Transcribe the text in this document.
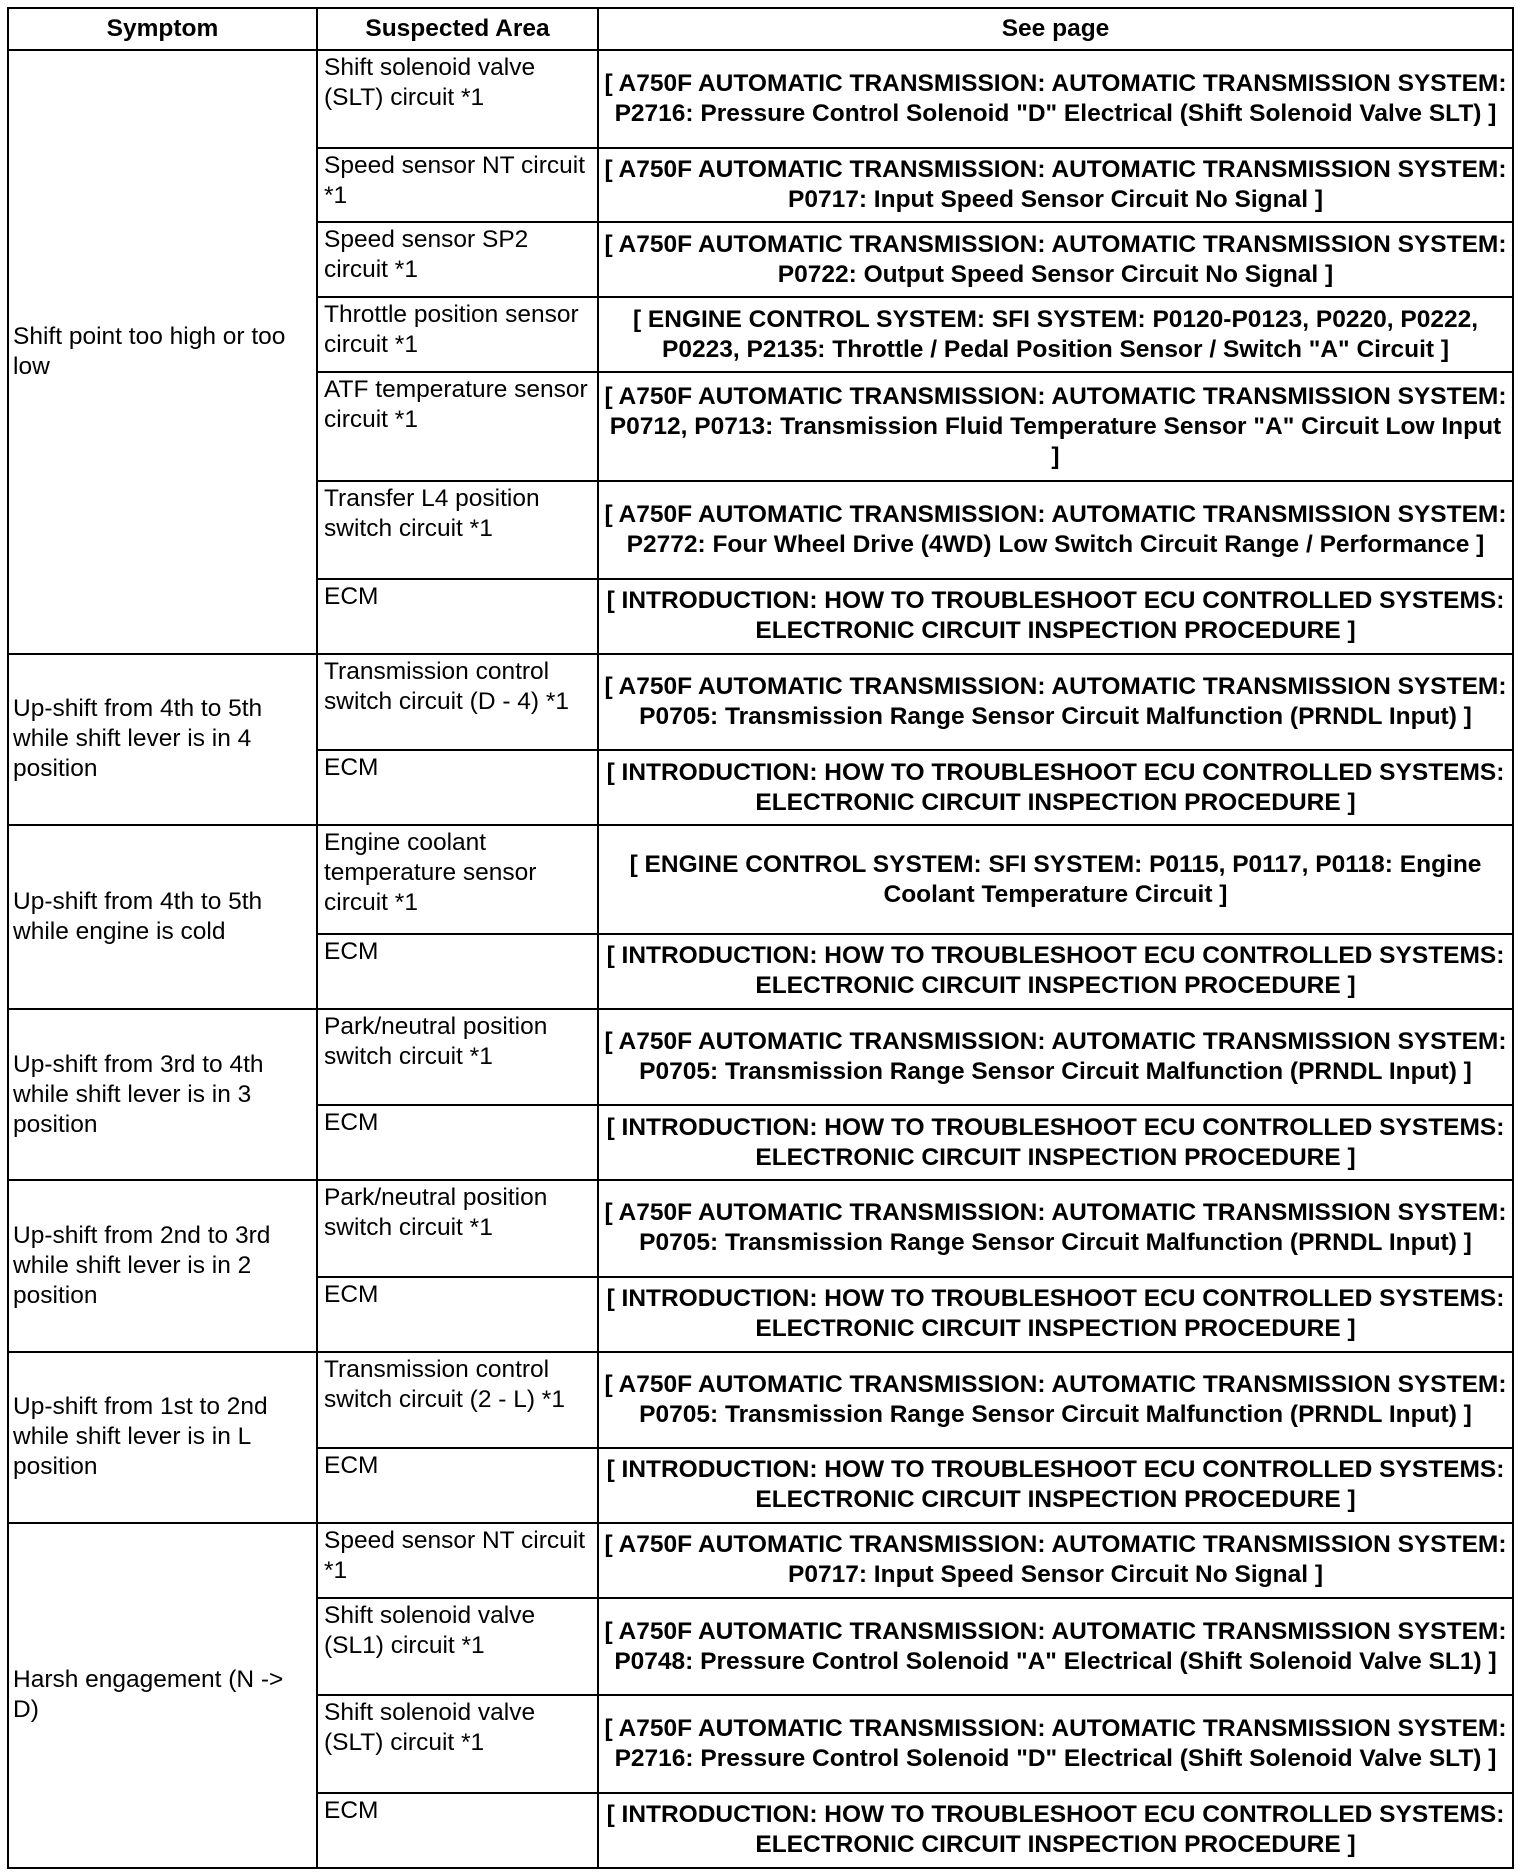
Symptom	Suspected Area	See page
Shift point too high or too low	Shift solenoid valve (SLT) circuit *1	[ A750F AUTOMATIC TRANSMISSION: AUTOMATIC TRANSMISSION SYSTEM: P2716: Pressure Control Solenoid "D" Electrical (Shift Solenoid Valve SLT) ]
	Speed sensor NT circuit *1	[ A750F AUTOMATIC TRANSMISSION: AUTOMATIC TRANSMISSION SYSTEM: P0717: Input Speed Sensor Circuit No Signal ]
	Speed sensor SP2 circuit *1	[ A750F AUTOMATIC TRANSMISSION: AUTOMATIC TRANSMISSION SYSTEM: P0722: Output Speed Sensor Circuit No Signal ]
	Throttle position sensor circuit *1	[ ENGINE CONTROL SYSTEM: SFI SYSTEM: P0120-P0123, P0220, P0222, P0223, P2135: Throttle / Pedal Position Sensor / Switch "A" Circuit ]
	ATF temperature sensor circuit *1	[ A750F AUTOMATIC TRANSMISSION: AUTOMATIC TRANSMISSION SYSTEM: P0712, P0713: Transmission Fluid Temperature Sensor "A" Circuit Low Input ]
	Transfer L4 position switch circuit *1	[ A750F AUTOMATIC TRANSMISSION: AUTOMATIC TRANSMISSION SYSTEM: P2772: Four Wheel Drive (4WD) Low Switch Circuit Range / Performance ]
	ECM	[ INTRODUCTION: HOW TO TROUBLESHOOT ECU CONTROLLED SYSTEMS: ELECTRONIC CIRCUIT INSPECTION PROCEDURE ]
Up-shift from 4th to 5th while shift lever is in 4 position	Transmission control switch circuit (D - 4) *1	[ A750F AUTOMATIC TRANSMISSION: AUTOMATIC TRANSMISSION SYSTEM: P0705: Transmission Range Sensor Circuit Malfunction (PRNDL Input) ]
	ECM	[ INTRODUCTION: HOW TO TROUBLESHOOT ECU CONTROLLED SYSTEMS: ELECTRONIC CIRCUIT INSPECTION PROCEDURE ]
Up-shift from 4th to 5th while engine is cold	Engine coolant temperature sensor circuit *1	[ ENGINE CONTROL SYSTEM: SFI SYSTEM: P0115, P0117, P0118: Engine Coolant Temperature Circuit ]
	ECM	[ INTRODUCTION: HOW TO TROUBLESHOOT ECU CONTROLLED SYSTEMS: ELECTRONIC CIRCUIT INSPECTION PROCEDURE ]
Up-shift from 3rd to 4th while shift lever is in 3 position	Park/neutral position switch circuit *1	[ A750F AUTOMATIC TRANSMISSION: AUTOMATIC TRANSMISSION SYSTEM: P0705: Transmission Range Sensor Circuit Malfunction (PRNDL Input) ]
	ECM	[ INTRODUCTION: HOW TO TROUBLESHOOT ECU CONTROLLED SYSTEMS: ELECTRONIC CIRCUIT INSPECTION PROCEDURE ]
Up-shift from 2nd to 3rd while shift lever is in 2 position	Park/neutral position switch circuit *1	[ A750F AUTOMATIC TRANSMISSION: AUTOMATIC TRANSMISSION SYSTEM: P0705: Transmission Range Sensor Circuit Malfunction (PRNDL Input) ]
	ECM	[ INTRODUCTION: HOW TO TROUBLESHOOT ECU CONTROLLED SYSTEMS: ELECTRONIC CIRCUIT INSPECTION PROCEDURE ]
Up-shift from 1st to 2nd while shift lever is in L position	Transmission control switch circuit (2 - L) *1	[ A750F AUTOMATIC TRANSMISSION: AUTOMATIC TRANSMISSION SYSTEM: P0705: Transmission Range Sensor Circuit Malfunction (PRNDL Input) ]
	ECM	[ INTRODUCTION: HOW TO TROUBLESHOOT ECU CONTROLLED SYSTEMS: ELECTRONIC CIRCUIT INSPECTION PROCEDURE ]
Harsh engagement (N -> D)	Speed sensor NT circuit *1	[ A750F AUTOMATIC TRANSMISSION: AUTOMATIC TRANSMISSION SYSTEM: P0717: Input Speed Sensor Circuit No Signal ]
	Shift solenoid valve (SL1) circuit *1	[ A750F AUTOMATIC TRANSMISSION: AUTOMATIC TRANSMISSION SYSTEM: P0748: Pressure Control Solenoid "A" Electrical (Shift Solenoid Valve SL1) ]
	Shift solenoid valve (SLT) circuit *1	[ A750F AUTOMATIC TRANSMISSION: AUTOMATIC TRANSMISSION SYSTEM: P2716: Pressure Control Solenoid "D" Electrical (Shift Solenoid Valve SLT) ]
	ECM	[ INTRODUCTION: HOW TO TROUBLESHOOT ECU CONTROLLED SYSTEMS: ELECTRONIC CIRCUIT INSPECTION PROCEDURE ]
